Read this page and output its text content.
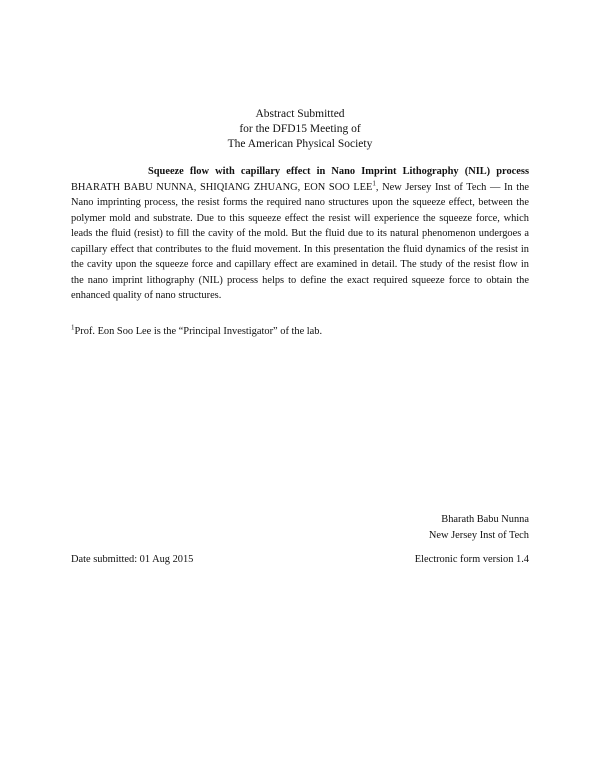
Abstract Submitted
for the DFD15 Meeting of
The American Physical Society

Squeeze flow with capillary effect in Nano Imprint Lithography (NIL) process BHARATH BABU NUNNA, SHIQIANG ZHUANG, EON SOO LEE$^1$, New Jersey Inst of Tech — In the Nano imprinting process, the resist forms the required nano structures upon the squeeze effect, between the polymer mold and substrate. Due to this squeeze effect the resist will experience the squeeze force, which leads the fluid (resist) to fill the cavity of the mold. But the fluid due to its natural phenomenon undergoes a capillary effect that contributes to the fluid movement. In this presentation the fluid dynamics of the resist in the cavity upon the squeeze force and capillary effect are examined in detail. The study of the resist flow in the nano imprint lithography (NIL) process helps to define the exact required squeeze force to obtain the enhanced quality of nano structures.

$^1$Prof. Eon Soo Lee is the “Principal Investigator” of the lab.
Bharath Babu Nunna
New Jersey Inst of Tech
Date submitted: 01 Aug 2015	Electronic form version 1.4
